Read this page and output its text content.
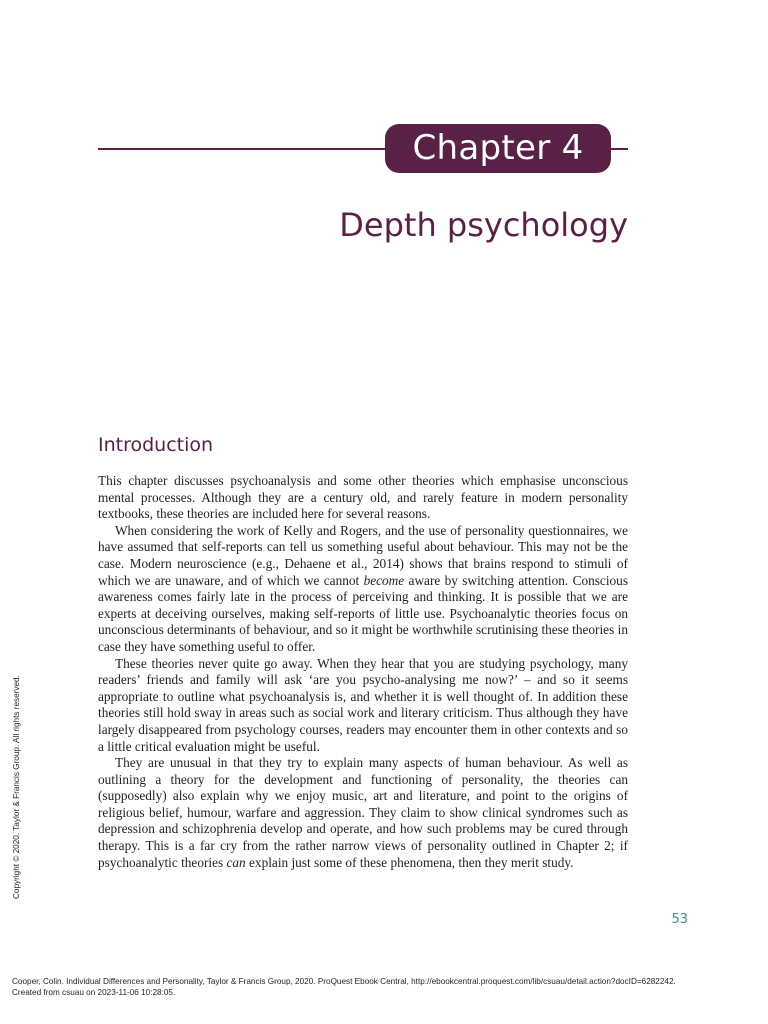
Chapter 4
Depth psychology
Introduction

This chapter discusses psychoanalysis and some other theories which emphasise unconscious mental processes. Although they are a century old, and rarely feature in modern personality textbooks, these theories are included here for several reasons.

When considering the work of Kelly and Rogers, and the use of personality questionnaires, we have assumed that self-reports can tell us something useful about behaviour. This may not be the case. Modern neuroscience (e.g., Dehaene et al., 2014) shows that brains respond to stimuli of which we are unaware, and of which we cannot become aware by switching attention. Conscious awareness comes fairly late in the process of perceiving and thinking. It is possible that we are experts at deceiving ourselves, making self-reports of little use. Psychoanalytic theories focus on unconscious determinants of behaviour, and so it might be worthwhile scrutinising these theories in case they have something useful to offer.

These theories never quite go away. When they hear that you are studying psychology, many readers’ friends and family will ask ‘are you psycho-analysing me now?’ – and so it seems appropriate to outline what psychoanalysis is, and whether it is well thought of. In addition these theories still hold sway in areas such as social work and literary criticism. Thus although they have largely disappeared from psychology courses, readers may encounter them in other contexts and so a little critical evaluation might be useful.

They are unusual in that they try to explain many aspects of human behaviour. As well as outlining a theory for the development and functioning of personality, the theories can (supposedly) also explain why we enjoy music, art and literature, and point to the origins of religious belief, humour, warfare and aggression. They claim to show clinical syndromes such as depression and schizophrenia develop and operate, and how such problems may be cured through therapy. This is a far cry from the rather narrow views of personality outlined in Chapter 2; if psychoanalytic theories can explain just some of these phenomena, then they merit study.

53
Copyright © 2020. Taylor & Francis Group. All rights reserved.
Cooper, Colin. Individual Differences and Personality, Taylor & Francis Group, 2020. ProQuest Ebook Central, http://ebookcentral.proquest.com/lib/csuau/detail.action?docID=6282242.
Created from csuau on 2023-11-06 10:28:05.
